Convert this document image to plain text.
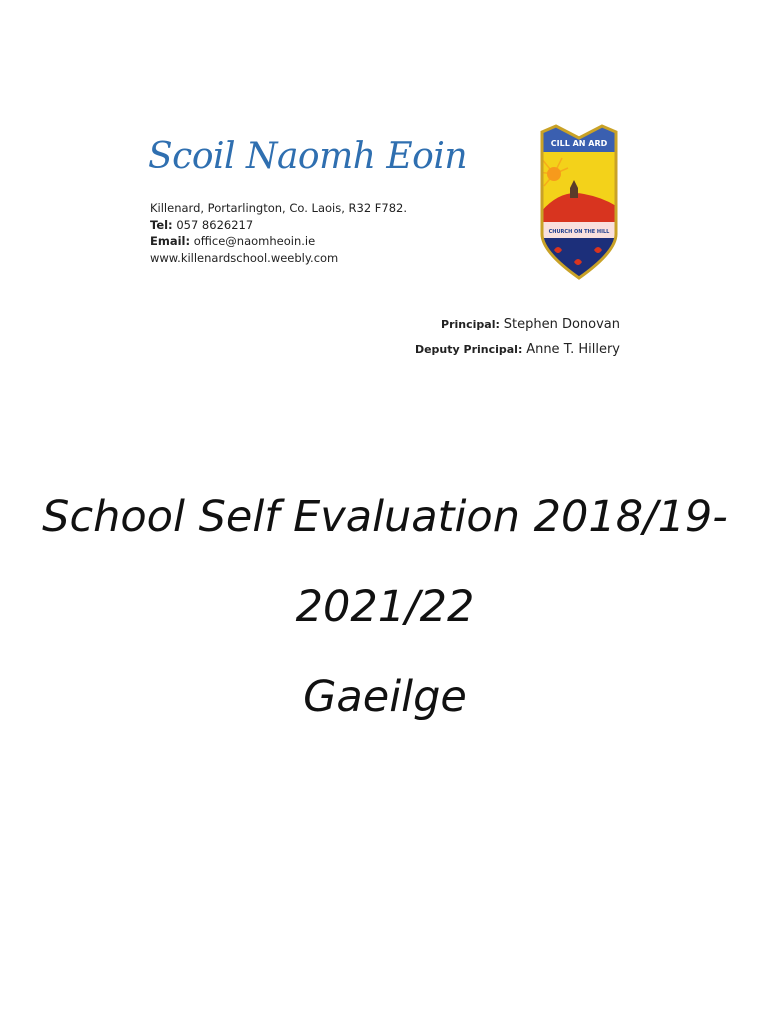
Scoil Naomh Eoin
Killenard, Portarlington, Co. Laois, R32 F782.
Tel: 057 8626217
Email: office@naomheoin.ie
www.killenardschool.weebly.com
CILL AN ARD
CHURCH ON THE HILL
Principal: Stephen Donovan
Deputy Principal: Anne T. Hillery
School Self Evaluation 2018/19-
2021/22
Gaeilge
